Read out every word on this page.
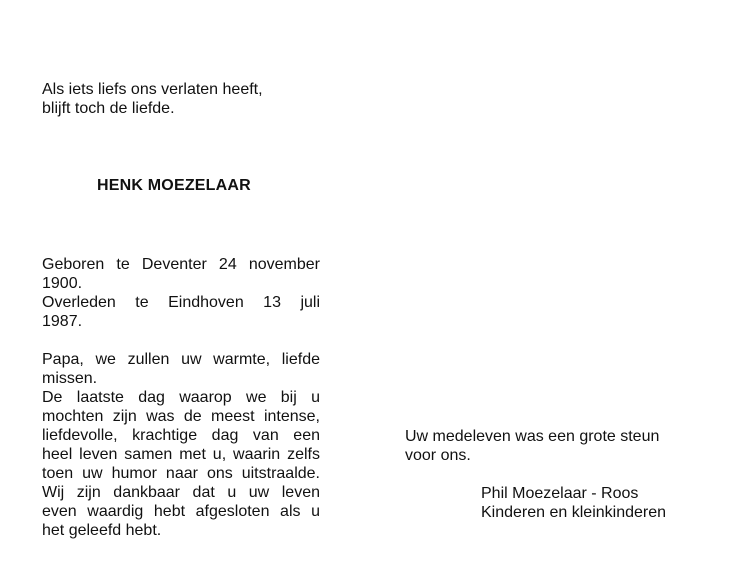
Als iets liefs ons verlaten heeft,
blijft toch de liefde.
HENK MOEZELAAR
Geboren te Deventer 24 november
1900.
Overleden te Eindhoven 13 juli
1987.
Papa, we zullen uw warmte, liefde
missen.
De laatste dag waarop we bij u
mochten zijn was de meest intense,
liefdevolle, krachtige dag van een
heel leven samen met u, waarin zelfs
toen uw humor naar ons uitstraalde.
Wij zijn dankbaar dat u uw leven
even waardig hebt afgesloten als u
het geleefd hebt.
Uw medeleven was een grote steun
voor ons.
Phil Moezelaar - Roos
Kinderen en kleinkinderen
